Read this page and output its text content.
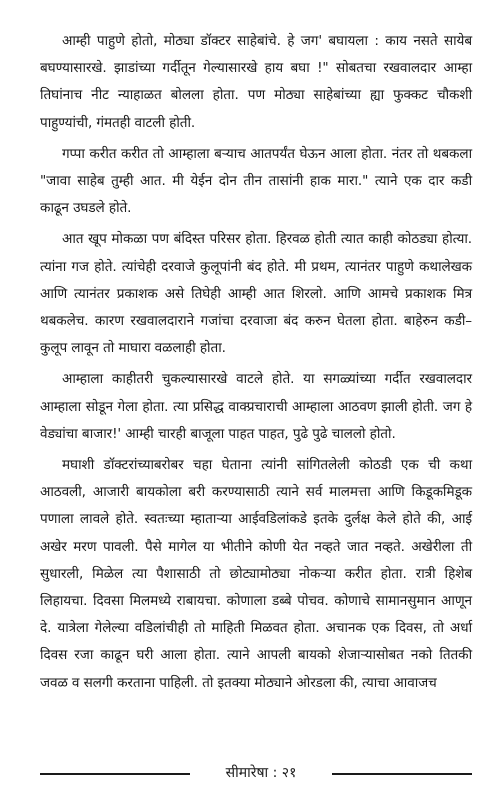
आम्ही पाहुणे होतो, मोठ्या डॉक्टर साहेबांचे. हे जग' बघायला : काय नसते सायेब बघण्यासारखे. झाडांच्या गर्दीतून गेल्यासारखे हाय बघा !" सोबतचा रखवालदार आम्हा तिघांनाच नीट न्याहाळत बोलला होता. पण मोठ्या साहेबांच्या ह्या फुक्कट चौकशी पाहुण्यांची, गंमतही वाटली होती.

गप्पा करीत करीत तो आम्हाला बऱ्याच आतपर्यंत घेऊन आला होता. नंतर तो थबकला "जावा साहेब तुम्ही आत. मी येईन दोन तीन तासांनी हाक मारा." त्याने एक दार कडी काढून उघडले होते.

आत खूप मोकळा पण बंदिस्त परिसर होता. हिरवळ होती त्यात काही कोठड्या होत्या. त्यांना गज होते. त्यांचेही दरवाजे कुलूपांनी बंद होते. मी प्रथम, त्यानंतर पाहुणे कथालेखक आणि त्यानंतर प्रकाशक असे तिघेही आम्ही आत शिरलो. आणि आमचे प्रकाशक मित्र थबकलेच. कारण रखवालदाराने गजांचा दरवाजा बंद करुन घेतला होता. बाहेरुन कडी–कुलूप लावून तो माघारा वळलाही होता.

आम्हाला काहीतरी चुकल्यासारखे वाटले होते. या सगळ्यांच्या गर्दीत रखवालदार आम्हाला सोडून गेला होता. त्या प्रसिद्ध वाक्प्रचाराची आम्हाला आठवण झाली होती. जग हे वेड्यांचा बाजार!' आम्ही चारही बाजूला पाहत पाहत, पुढे पुढे चाललो होतो.

मघाशी डॉक्टरांच्याबरोबर चहा घेताना त्यांनी सांगितलेली कोठडी एक ची कथा आठवली, आजारी बायकोला बरी करण्यासाठी त्याने सर्व मालमत्ता आणि किडूकमिडूक पणाला लावले होते. स्वतःच्या म्हाताऱ्या आईवडिलांकडे इतके दुर्लक्ष केले होते की, आई अखेर मरण पावली. पैसे मागेल या भीतीने कोणी येत नव्हते जात नव्हते. अखेरीला ती सुधारली, मिळेल त्या पैशासाठी तो छोट्यामोठ्या नोकऱ्या करीत होता. रात्री हिशेब लिहायचा. दिवसा मिलमध्ये राबायचा. कोणाला डब्बे पोचव. कोणाचे सामानसुमान आणून दे. यात्रेला गेलेल्या वडिलांचीही तो माहिती मिळवत होता. अचानक एक दिवस, तो अर्धा दिवस रजा काढून घरी आला होता. त्याने आपली बायको शेजाऱ्यासोबत नको तितकी जवळ व सलगी करताना पाहिली. तो इतक्या मोठ्याने ओरडला की, त्याचा आवाजच

सीमारेषा : २१
